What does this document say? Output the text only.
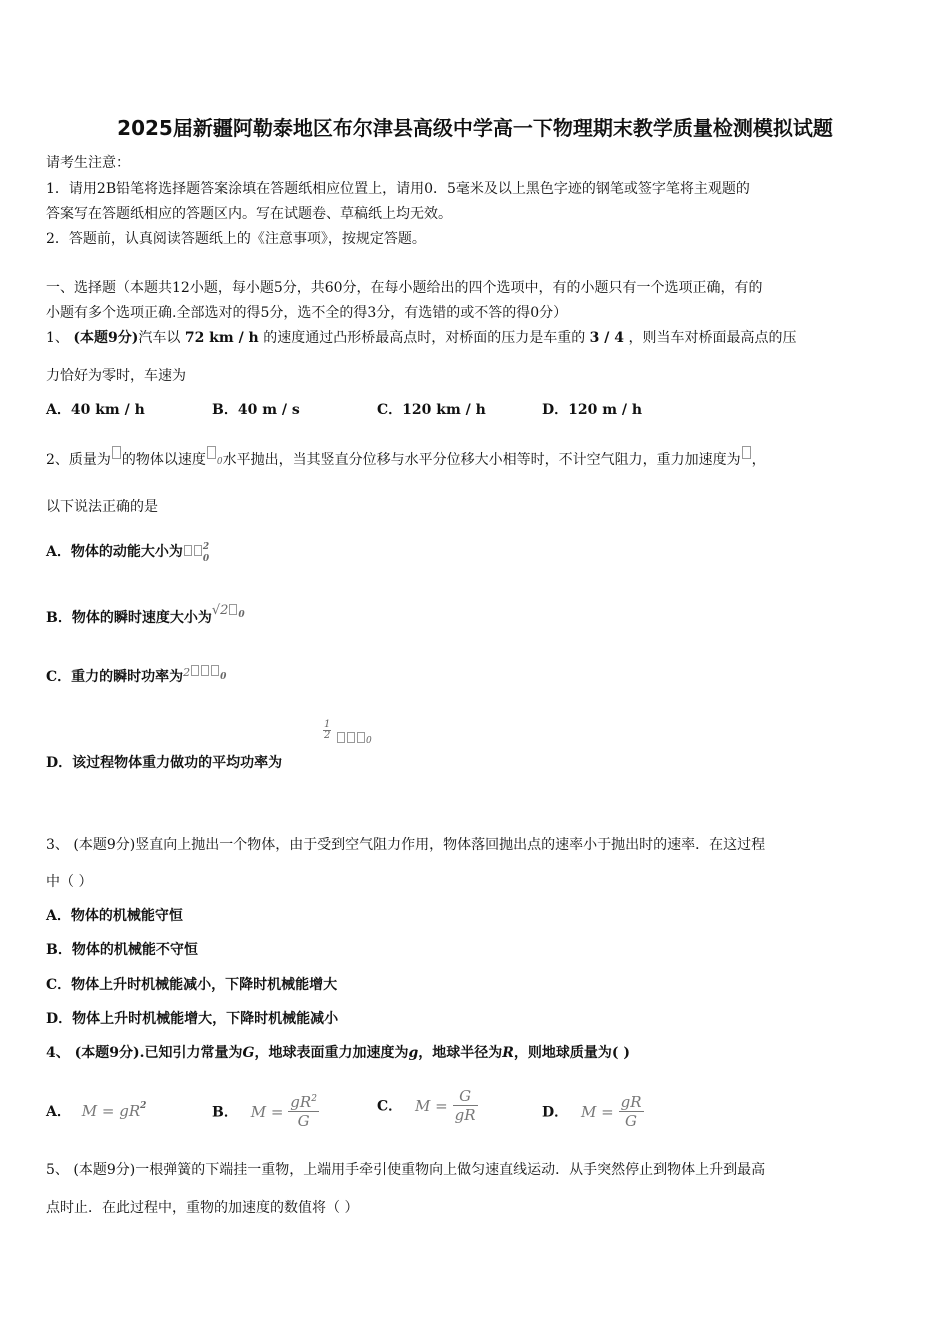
2025届新疆阿勒泰地区布尔津县高级中学高一下物理期末教学质量检测模拟试题
请考生注意：
1．请用2B铅笔将选择题答案涂填在答题纸相应位置上，请用0．5毫米及以上黑色字迹的钢笔或签字笔将主观题的
答案写在答题纸相应的答题区内。写在试题卷、草稿纸上均无效。
2．答题前，认真阅读答题纸上的《注意事项》，按规定答题。
一、选择题（本题共12小题，每小题5分，共60分，在每小题给出的四个选项中，有的小题只有一个选项正确，有的
小题有多个选项正确.全部选对的得5分，选不全的得3分，有选错的或不答的得0分）
1、 (本题9分)汽车以 72 km / h 的速度通过凸形桥最高点时，对桥面的压力是车重的 3 / 4 ，则当车对桥面最高点的压
力恰好为零时，车速为
A．40 km / h	B．40 m / s	C．120 km / h	D．120 m / h
2、质量为 的物体以速度 0水平抛出，当其竖直分位移与水平分位移大小相等时，不计空气阻力，重力加速度为 ，
以下说法正确的是
A．物体的动能大小为 2
0
B．物体的瞬时速度大小为√2 $^0$
C．重力的瞬时功率为$^2$	$^0$
D．该过程物体重力做功的平均功率为
1
2	0
3、 (本题9分)竖直向上抛出一个物体，由于受到空气阻力作用，物体落回抛出点的速率小于抛出时的速率．在这过程
中（ ）
A．物体的机械能守恒
B．物体的机械能不守恒
C．物体上升时机械能减小，下降时机械能增大
D．物体上升时机械能增大，下降时机械能减小
4、 (本题9分).已知引力常量为G，地球表面重力加速度为g，地球半径为R，则地球质量为( )
A． $M = gR^2$	B． $M = \frac{gR^2}{G}$	C． $M = \frac{G}{gR}$	D． $M = \frac{gR}{G}$
5、 (本题9分)一根弹簧的下端挂一重物，上端用手牵引使重物向上做匀速直线运动．从手突然停止到物体上升到最高
点时止．在此过程中，重物的加速度的数值将（ ）
